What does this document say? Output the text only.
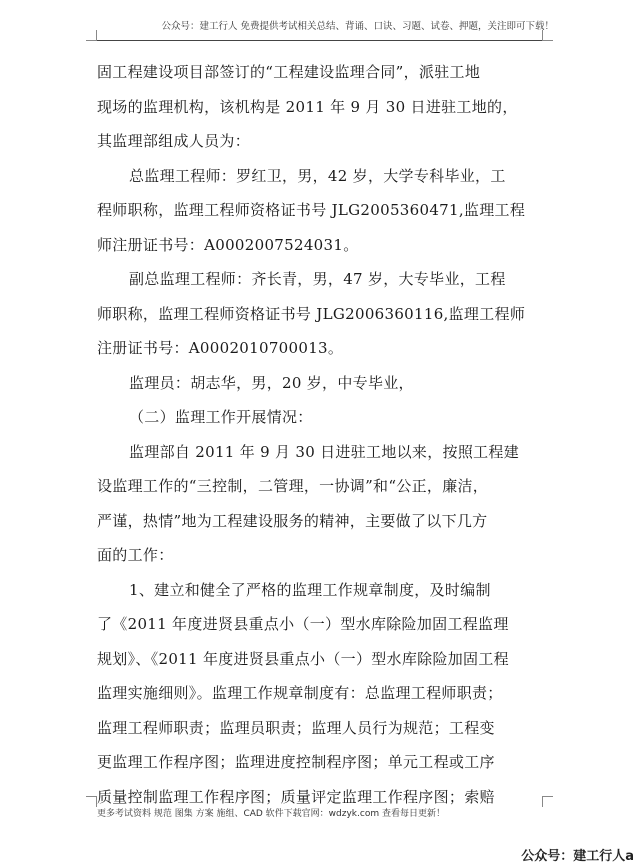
公众号：建工行人 免费提供考试相关总结、背诵、口诀、习题、试卷、押题，关注即可下载！
固工程建设项目部签订的“工程建设监理合同”，派驻工地
现场的监理机构，该机构是 2011 年 9 月 30 日进驻工地的，
其监理部组成人员为：
总监理工程师：罗红卫，男，42 岁，大学专科毕业，工
程师职称，监理工程师资格证书号 JLG2005360471,监理工程
师注册证书号：A0002007524031。
副总监理工程师：齐长青，男，47 岁，大专毕业，工程
师职称，监理工程师资格证书号 JLG2006360116,监理工程师
注册证书号：A0002010700013。
监理员：胡志华，男，20 岁，中专毕业，
（二）监理工作开展情况：
监理部自 2011 年 9 月 30 日进驻工地以来，按照工程建
设监理工作的“三控制，二管理，一协调”和“公正，廉洁，
严谨，热情”地为工程建设服务的精神，主要做了以下几方
面的工作：
1、建立和健全了严格的监理工作规章制度，及时编制
了《2011 年度进贤县重点小（一）型水库除险加固工程监理
规划》、《2011 年度进贤县重点小（一）型水库除险加固工程
监理实施细则》。监理工作规章制度有：总监理工程师职责；
监理工程师职责；监理员职责；监理人员行为规范；工程变
更监理工作程序图；监理进度控制程序图；单元工程或工序
质量控制监理工作程序图；质量评定监理工作程序图；索赔
更多考试资料 规范 图集 方案 施组、CAD 软件下载官网：wdzyk.com 查看每日更新！
公众号：建工行人a
